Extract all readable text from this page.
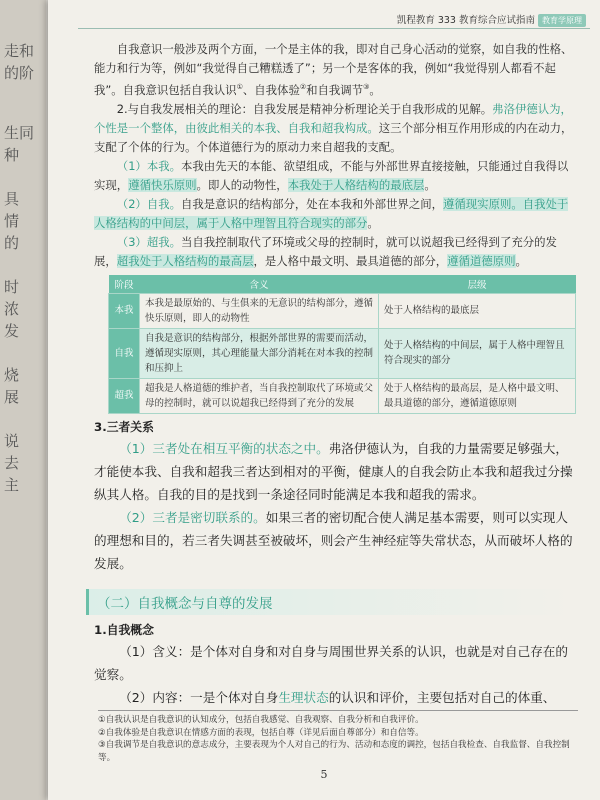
走和
的阶
生同
种
具
情
的
时
浓
发
烧
展
说
去
主
凯程教育 333 教育综合应试指南 教育学原理

自我意识一般涉及两个方面，一个是主体的我，即对自己身心活动的觉察，如自我的性格、能力和行为等，例如“我觉得自己糟糕透了”；另一个是客体的我，例如“我觉得别人都看不起我”。自我意识包括自我认识①、自我体验②和自我调节③。

2.与自我发展相关的理论：自我发展是精神分析理论关于自我形成的见解。弗洛伊德认为，个性是一个整体，由彼此相关的本我、自我和超我构成。这三个部分相互作用形成的内在动力，支配了个体的行为。个体道德行为的原动力来自超我的支配。

（1）本我。本我由先天的本能、欲望组成，不能与外部世界直接接触，只能通过自我得以实现，遵循快乐原则。即人的动物性，本我处于人格结构的最底层。

（2）自我。自我是意识的结构部分，处在本我和外部世界之间，遵循现实原则。自我处于人格结构的中间层，属于人格中理智且符合现实的部分。

（3）超我。当自我控制取代了环境或父母的控制时，就可以说超我已经得到了充分的发展，超我处于人格结构的最高层，是人格中最文明、最具道德的部分，遵循道德原则。

阶段	含义	层级
本我	本我是最原始的、与生俱来的无意识的结构部分，遵循快乐原则，即人的动物性	处于人格结构的最底层
自我	自我是意识的结构部分，根据外部世界的需要而活动，遵循现实原则，其心理能量大部分消耗在对本我的控制和压抑上	处于人格结构的中间层，属于人格中理智且符合现实的部分
超我	超我是人格道德的维护者，当自我控制取代了环境或父母的控制时，就可以说超我已经得到了充分的发展	处于人格结构的最高层，是人格中最文明、最具道德的部分，遵循道德原则

3.三者关系

（1）三者处在相互平衡的状态之中。弗洛伊德认为，自我的力量需要足够强大，才能使本我、自我和超我三者达到相对的平衡，健康人的自我会防止本我和超我过分操纵其人格。自我的目的是找到一条途径同时能满足本我和超我的需求。

（2）三者是密切联系的。如果三者的密切配合使人满足基本需要，则可以实现人的理想和目的，若三者失调甚至被破坏，则会产生神经症等失常状态，从而破坏人格的发展。

（二）自我概念与自尊的发展

1.自我概念

（1）含义：是个体对自身和对自身与周围世界关系的认识，也就是对自己存在的觉察。

（2）内容：一是个体对自身生理状态的认识和评价，主要包括对自己的体重、

①自我认识是自我意识的认知成分，包括自我感觉、自我观察、自我分析和自我评价。

②自我体验是自我意识在情感方面的表现，包括自尊（详见后面自尊部分）和自信等。

③自我调节是自我意识的意志成分，主要表现为个人对自己的行为、活动和态度的调控，包括自我检查、自我监督、自我控制等。

5
